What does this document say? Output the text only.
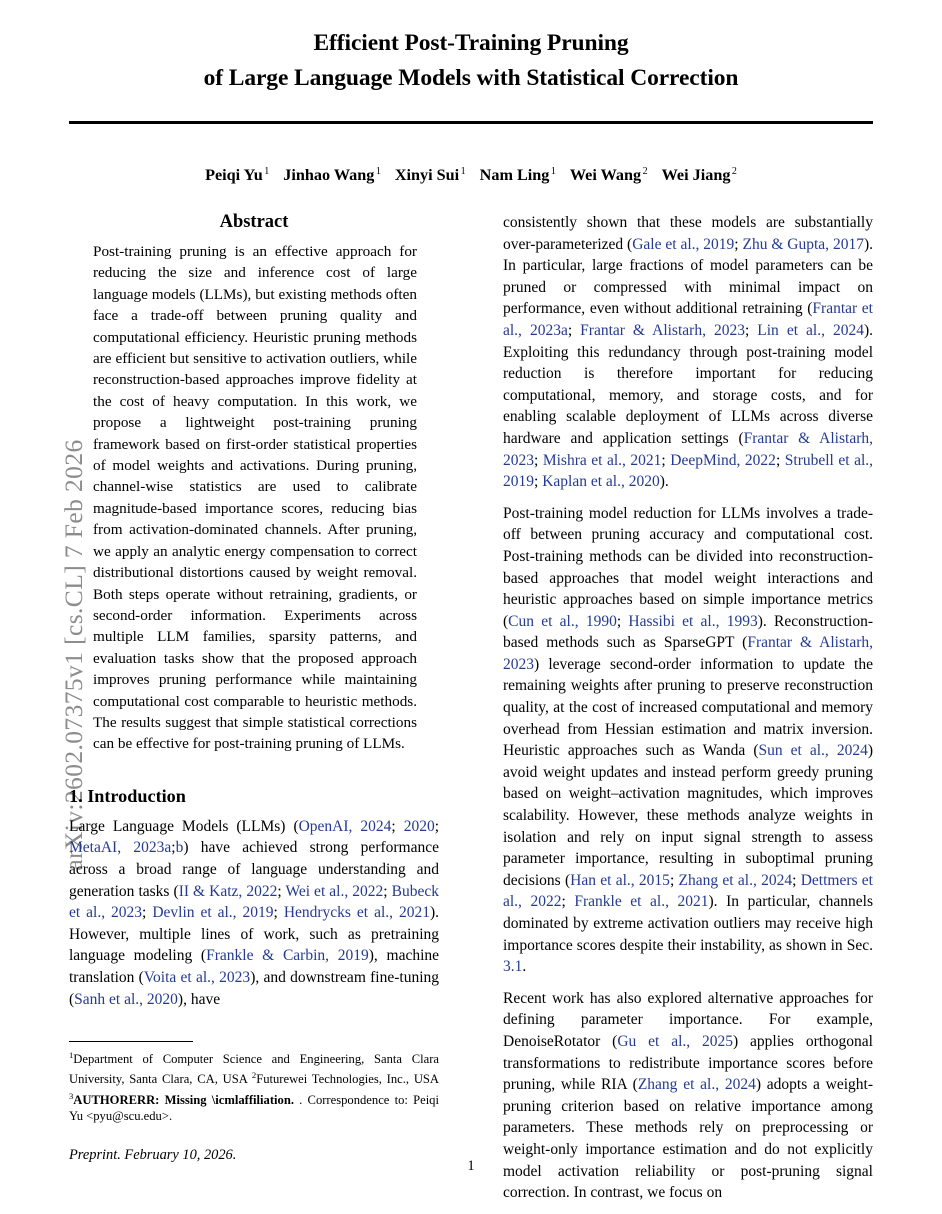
arXiv:2602.07375v1 [cs.CL] 7 Feb 2026
Efficient Post-Training Pruning
of Large Language Models with Statistical Correction
Peiqi Yu $^1$ Jinhao Wang $^1$ Xinyi Sui $^1$ Nam Ling $^1$ Wei Wang $^2$ Wei Jiang $^2$
Abstract

Post-training pruning is an effective approach for reducing the size and inference cost of large language models (LLMs), but existing methods often face a trade-off between pruning quality and computational efficiency. Heuristic pruning methods are efficient but sensitive to activation outliers, while reconstruction-based approaches improve fidelity at the cost of heavy computation. In this work, we propose a lightweight post-training pruning framework based on first-order statistical properties of model weights and activations. During pruning, channel-wise statistics are used to calibrate magnitude-based importance scores, reducing bias from activation-dominated channels. After pruning, we apply an analytic energy compensation to correct distributional distortions caused by weight removal. Both steps operate without retraining, gradients, or second-order information. Experiments across multiple LLM families, sparsity patterns, and evaluation tasks show that the proposed approach improves pruning performance while maintaining computational cost comparable to heuristic methods. The results suggest that simple statistical corrections can be effective for post-training pruning of LLMs.

1. Introduction

Large Language Models (LLMs) (OpenAI, 2024; 2020; MetaAI, 2023a;b) have achieved strong performance across a broad range of language understanding and generation tasks (II & Katz, 2022; Wei et al., 2022; Bubeck et al., 2023; Devlin et al., 2019; Hendrycks et al., 2021). However, multiple lines of work, such as pretraining language modeling (Frankle & Carbin, 2019), machine translation (Voita et al., 2023), and downstream fine-tuning (Sanh et al., 2020), have

$^1$Department of Computer Science and Engineering, Santa Clara University, Santa Clara, CA, USA $^2$Futurewei Technologies, Inc., USA $^3$AUTHORERR: Missing \icmlaffiliation. . Correspondence to: Peiqi Yu <pyu@scu.edu>.

Preprint. February 10, 2026.

consistently shown that these models are substantially over-parameterized (Gale et al., 2019; Zhu & Gupta, 2017). In particular, large fractions of model parameters can be pruned or compressed with minimal impact on performance, even without additional retraining (Frantar et al., 2023a; Frantar & Alistarh, 2023; Lin et al., 2024). Exploiting this redundancy through post-training model reduction is therefore important for reducing computational, memory, and storage costs, and for enabling scalable deployment of LLMs across diverse hardware and application settings (Frantar & Alistarh, 2023; Mishra et al., 2021; DeepMind, 2022; Strubell et al., 2019; Kaplan et al., 2020).

Post-training model reduction for LLMs involves a trade-off between pruning accuracy and computational cost. Post-training methods can be divided into reconstruction-based approaches that model weight interactions and heuristic approaches based on simple importance metrics (Cun et al., 1990; Hassibi et al., 1993). Reconstruction-based methods such as SparseGPT (Frantar & Alistarh, 2023) leverage second-order information to update the remaining weights after pruning to preserve reconstruction quality, at the cost of increased computational and memory overhead from Hessian estimation and matrix inversion. Heuristic approaches such as Wanda (Sun et al., 2024) avoid weight updates and instead perform greedy pruning based on weight–activation magnitudes, which improves scalability. However, these methods analyze weights in isolation and rely on input signal strength to assess parameter importance, resulting in suboptimal pruning decisions (Han et al., 2015; Zhang et al., 2024; Dettmers et al., 2022; Frankle et al., 2021). In particular, channels dominated by extreme activation outliers may receive high importance scores despite their instability, as shown in Sec. 3.1.

Recent work has also explored alternative approaches for defining parameter importance. For example, DenoiseRotator (Gu et al., 2025) applies orthogonal transformations to redistribute importance scores before pruning, while RIA (Zhang et al., 2024) adopts a weight-pruning criterion based on relative importance among parameters. These methods rely on preprocessing or weight-only importance estimation and do not explicitly model activation reliability or post-pruning signal correction. In contrast, we focus on

1
